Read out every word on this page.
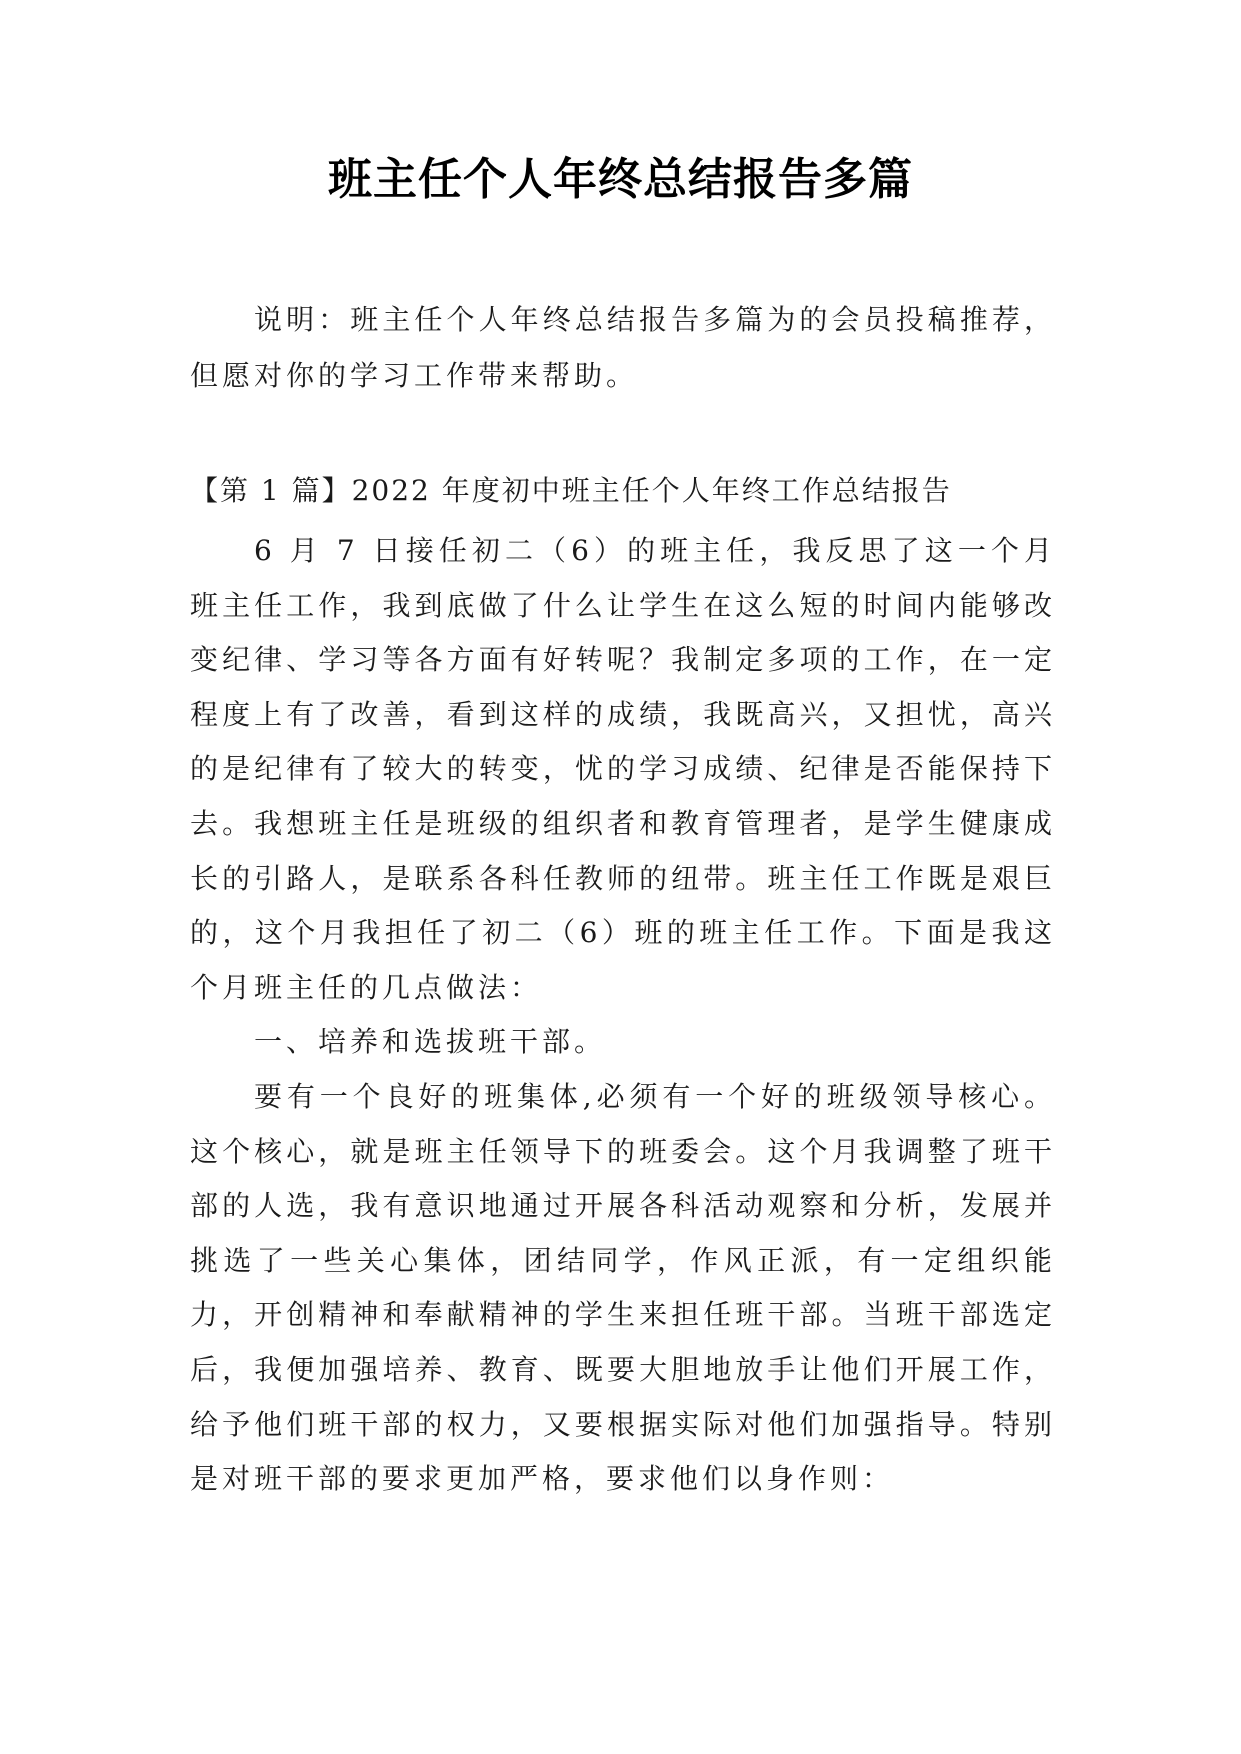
班主任个人年终总结报告多篇

说明：班主任个人年终总结报告多篇为的会员投稿推荐，但愿对你的学习工作带来帮助。

【第 1 篇】2022 年度初中班主任个人年终工作总结报告

6 月 7 日接任初二（6）的班主任，我反思了这一个月班主任工作，我到底做了什么让学生在这么短的时间内能够改变纪律、学习等各方面有好转呢？我制定多项的工作，在一定程度上有了改善，看到这样的成绩，我既高兴，又担忧，高兴的是纪律有了较大的转变，忧的学习成绩、纪律是否能保持下去。我想班主任是班级的组织者和教育管理者，是学生健康成长的引路人，是联系各科任教师的纽带。班主任工作既是艰巨的，这个月我担任了初二（6）班的班主任工作。下面是我这个月班主任的几点做法：

一、培养和选拔班干部。

要有一个良好的班集体,必须有一个好的班级领导核心。这个核心，就是班主任领导下的班委会。这个月我调整了班干部的人选，我有意识地通过开展各科活动观察和分析，发展并挑选了一些关心集体，团结同学，作风正派，有一定组织能力，开创精神和奉献精神的学生来担任班干部。当班干部选定后，我便加强培养、教育、既要大胆地放手让他们开展工作，给予他们班干部的权力，又要根据实际对他们加强指导。特别是对班干部的要求更加严格，要求他们以身作则：
